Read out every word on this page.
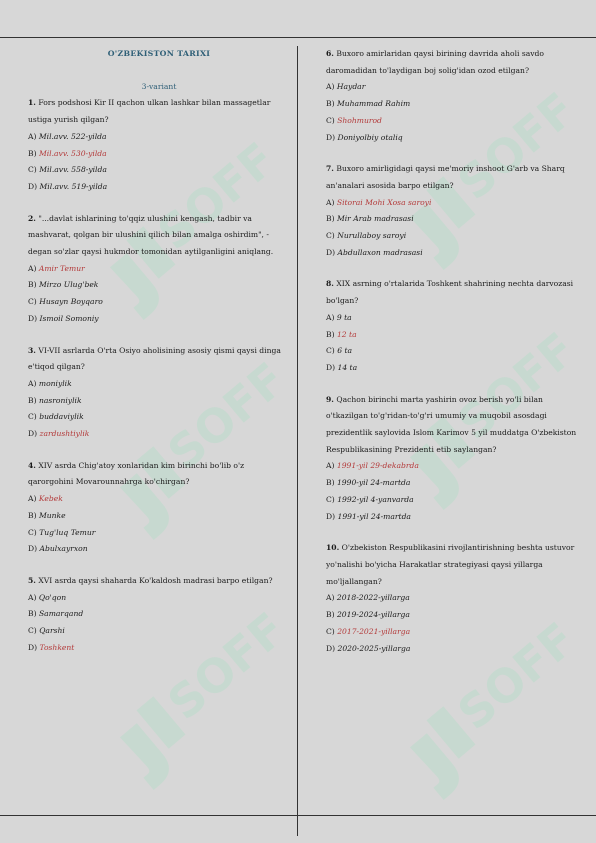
SOFF	SOFF
SOFF	SOFF
SOFF	SOFF
O'ZBEKISTON TARIXI
3-variant
1. Fors podshosi Kir II qachon ulkan lashkar bilan massagetlar ustiga yurish qilgan?
A) Mil.avv. 522-yilda
B) Mil.avv. 530-yilda
C) Mil.avv. 558-yilda
D) Mil.avv. 519-yilda
2. "...davlat ishlarining to'qqiz ulushini kengash, tadbir va mashvarat, qolgan bir ulushini qilich bilan amalga oshirdim", - degan so'zlar qaysi hukmdor tomonidan aytilganligini aniqlang.
A) Amir Temur
B) Mirzo Ulug'bek
C) Husayn Boyqaro
D) Ismoil Somoniy
3. VI-VII asrlarda O'rta Osiyo aholisining asosiy qismi qaysi dinga e'tiqod qilgan?
A) moniylik
B) nasroniylik
C) buddaviylik
D) zardushtiylik
4. XIV asrda Chig'atoy xonlaridan kim birinchi bo'lib o'z qarorgohini Movarounnahrga ko'chirgan?
A) Kebek
B) Munke
C) Tug'luq Temur
D) Abulxayrxon
5. XVI asrda qaysi shaharda Ko'kaldosh madrasi barpo etilgan?
A) Qo'qon
B) Samarqand
C) Qarshi
D) Toshkent
6. Buxoro amirlaridan qaysi birining davrida aholi savdo daromadidan to'laydigan boj solig'idan ozod etilgan?
A) Haydar
B) Muhammad Rahim
C) Shohmurod
D) Doniyolbiy otaliq
7. Buxoro amirligidagi qaysi me'moriy inshoot G'arb va Sharq an'analari asosida barpo etilgan?
A) Sitorai Mohi Xosa saroyi
B) Mir Arab madrasasi
C) Nurullaboy saroyi
D) Abdullaxon madrasasi
8. XIX asrning o'rtalarida Toshkent shahrining nechta darvozasi bo'lgan?
A) 9 ta
B) 12 ta
C) 6 ta
D) 14 ta
9. Qachon birinchi marta yashirin ovoz berish yo'li bilan o'tkazilgan to'g'ridan-to'g'ri umumiy va muqobil asosdagi prezidentlik saylovida Islom Karimov 5 yil muddatga O'zbekiston Respublikasining Prezidenti etib saylangan?
A) 1991-yil 29-dekabrda
B) 1990-yil 24-martda
C) 1992-yil 4-yanvarda
D) 1991-yil 24-martda
10. O'zbekiston Respublikasini rivojlantirishning beshta ustuvor yo'nalishi bo'yicha Harakatlar strategiyasi qaysi yillarga mo'ljallangan?
A) 2018-2022-yillarga
B) 2019-2024-yillarga
C) 2017-2021-yillarga
D) 2020-2025-yillarga
